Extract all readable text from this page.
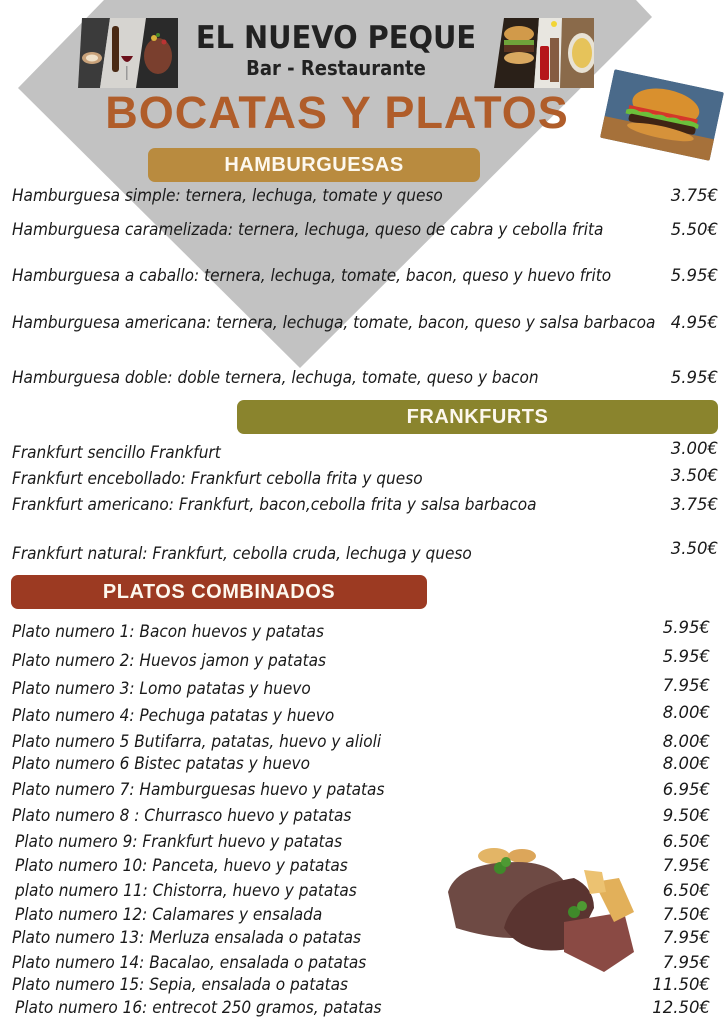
EL NUEVO PEQUE
Bar - Restaurante
BOCATAS Y PLATOS
HAMBURGUESAS
Hamburguesa simple: ternera, lechuga, tomate y queso	3.75€
Hamburguesa caramelizada: ternera, lechuga, queso de cabra y cebolla frita	5.50€
Hamburguesa a caballo: ternera, lechuga, tomate, bacon, queso y huevo frito	5.95€
Hamburguesa americana: ternera, lechuga, tomate, bacon, queso y salsa barbacoa 4.95€
Hamburguesa doble: doble ternera, lechuga, tomate, queso y bacon	5.95€
FRANKFURTS
Frankfurt sencillo Frankfurt	3.00€
Frankfurt encebollado: Frankfurt cebolla frita y queso	3.50€
Frankfurt americano: Frankfurt, bacon,cebolla frita y salsa barbacoa	3.75€
Frankfurt natural: Frankfurt, cebolla cruda, lechuga y queso	3.50€
PLATOS COMBINADOS
Plato numero 1: Bacon huevos y patatas	5.95€
Plato numero 2: Huevos jamon y patatas	5.95€
Plato numero 3: Lomo patatas y huevo	7.95€
Plato numero 4: Pechuga patatas y huevo	8.00€
Plato numero 5 Butifarra, patatas, huevo y alioli	8.00€
Plato numero 6 Bistec patatas y huevo	8.00€
Plato numero 7: Hamburguesas huevo y patatas	6.95€
Plato numero 8 : Churrasco huevo y patatas	9.50€
Plato numero 9: Frankfurt huevo y patatas	6.50€
Plato numero 10: Panceta, huevo y patatas	7.95€
plato numero 11: Chistorra, huevo y patatas	6.50€
Plato numero 12: Calamares y ensalada	7.50€
Plato numero 13: Merluza ensalada o patatas	7.95€
Plato numero 14: Bacalao, ensalada o patatas	7.95€
Plato numero 15: Sepia, ensalada o patatas	11.50€
Plato numero 16: entrecot 250 gramos, patatas	12.50€
